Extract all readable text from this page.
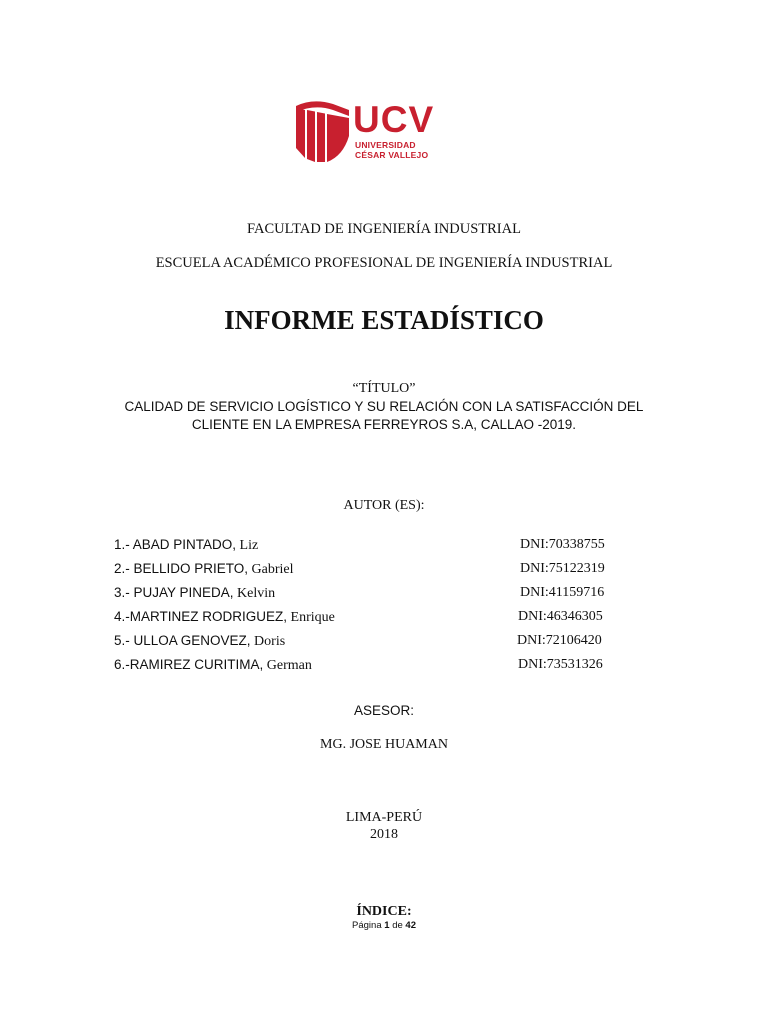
UCV
UNIVERSIDAD
CÉSAR VALLEJO
FACULTAD DE INGENIERÍA INDUSTRIAL
ESCUELA ACADÉMICO PROFESIONAL DE INGENIERÍA INDUSTRIAL
INFORME ESTADÍSTICO
“TÍTULO”
CALIDAD DE SERVICIO LOGÍSTICO Y SU RELACIÓN CON LA SATISFACCIÓN DEL
CLIENTE EN LA EMPRESA FERREYROS S.A, CALLAO -2019.
AUTOR (ES):
1.- ABAD PINTADO, Liz	DNI:70338755
2.- BELLIDO PRIETO, Gabriel	DNI:75122319
3.- PUJAY PINEDA, Kelvin	DNI:41159716
4.-MARTINEZ RODRIGUEZ, Enrique	DNI:46346305
5.- ULLOA GENOVEZ, Doris	DNI:72106420
6.-RAMIREZ CURITIMA, German	DNI:73531326
ASESOR:
MG. JOSE HUAMAN
LIMA-PERÚ
2018
ÍNDICE:
Página 1 de 42
